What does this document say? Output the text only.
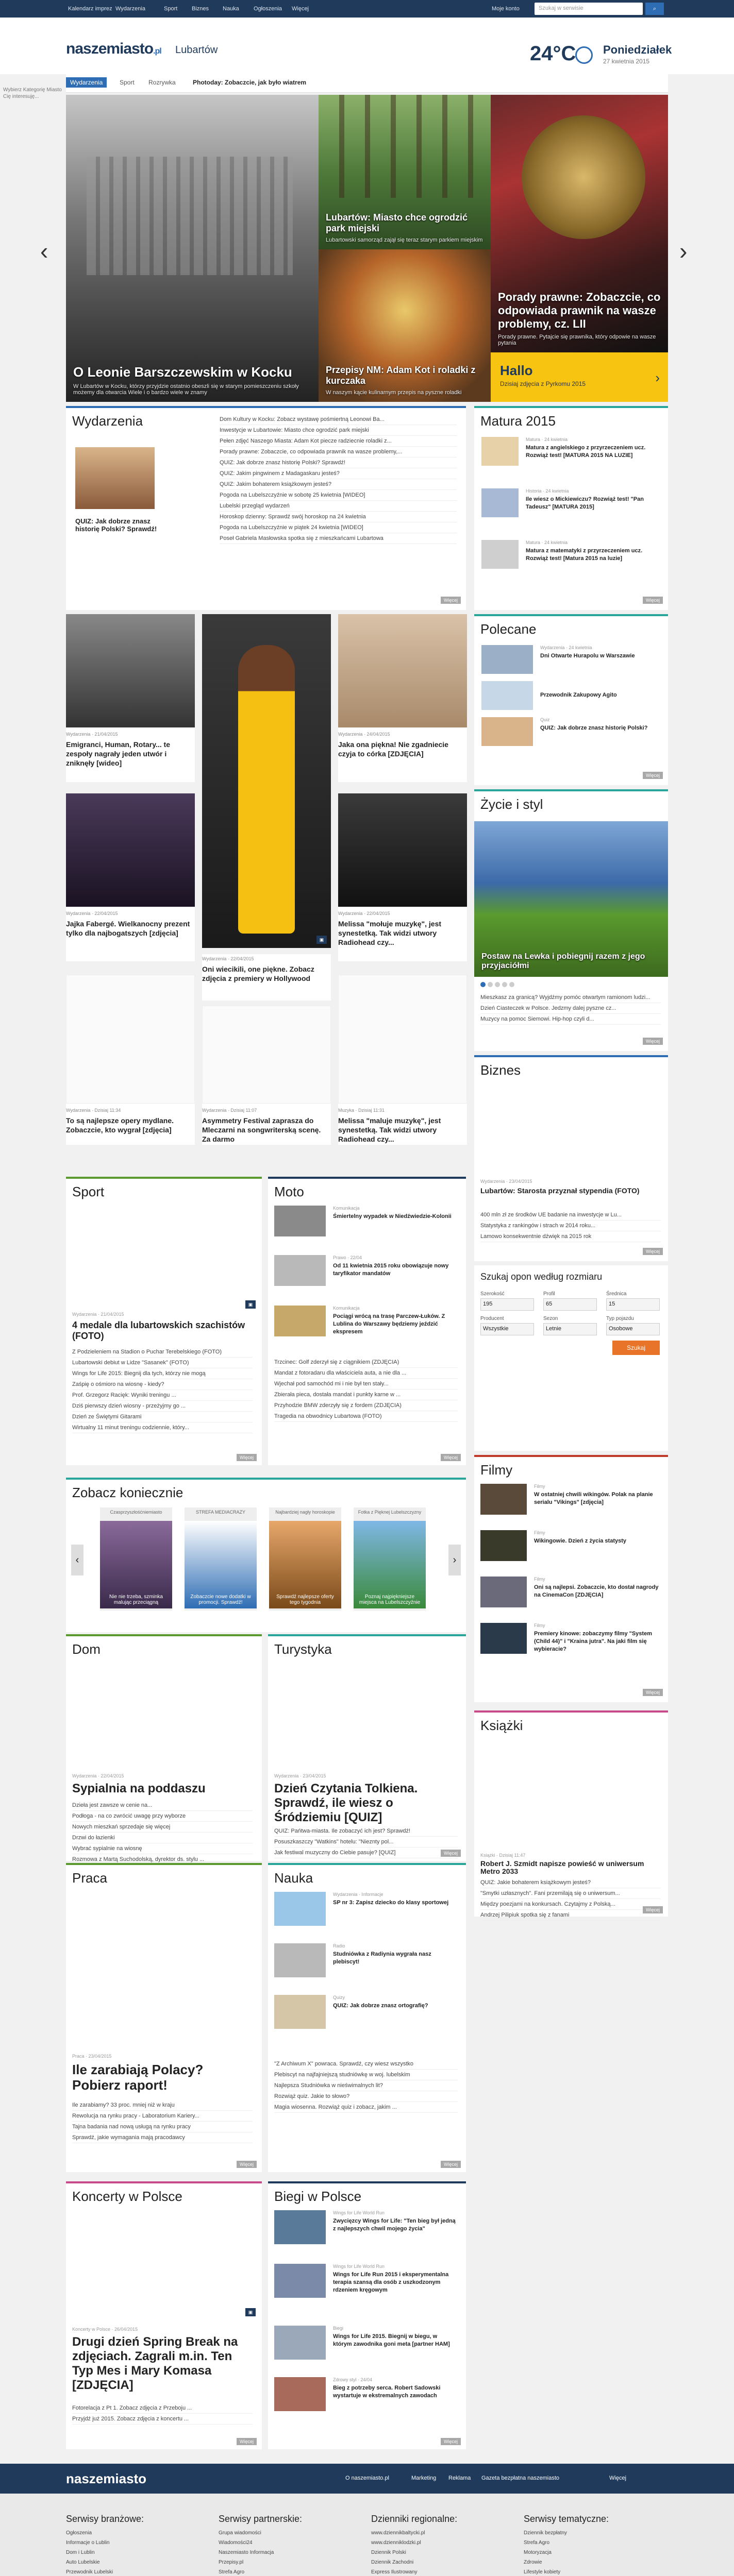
Kalendarz imprez Wydarzenia	Sport	Biznes Nauka	Ogłoszenia Więcej	Moje konto	Szukaj w serwisie	⌕
naszemiasto.pl Lubartów	24°C Poniedziałek
27 kwietnia 2015
Wydarzenia	Sport Rozrywka	Photoday: Zobaczcie, jak było wiatrem
Wybierz Kategorię Miasto Cię interesuję...
‹	›
O Leonie Barszczewskim w Kocku
W Lubartów w Kocku, którzy przyjdzie ostatnio obeszli się w starym pomieszczeniu szkoły możemy dla otwarcia Wiele i o bardzo wiele w znamy
Lubartów: Miasto chce ogrodzić park miejski
Lubartowski samorząd zajął się teraz starym parkiem miejskim
Przepisy NM: Adam Kot i roladki z kurczaka
W naszym kącie kulinarnym przepis na pyszne roladki
Porady prawne: Zobaczcie, co odpowiada prawnik na wasze problemy, cz. LII
Porady prawne. Pytajcie się prawnika, który odpowie na wasze pytania
Hallo
Dzisiaj zdjęcia z Pyrkomu 2015	›
Wydarzenia
QUIZ: Jak dobrze znasz historię Polski? Sprawdź!
Dom Kultury w Kocku: Zobacz wystawę pośmiertną Leonowi Ba...
Inwestycje w Lubartowie: Miasto chce ogrodzić park miejski
Pełen zdjęć Naszego Miasta: Adam Kot piecze radziecnie roladki z...
Porady prawne: Zobaczcie, co odpowiada prawnik na wasze problemy,...
QUIZ: Jak dobrze znasz historię Polski? Sprawdź!
QUIZ: Jakim pingwinem z Madagaskaru jesteś?
QUIZ: Jakim bohaterem książkowym jesteś?
Pogoda na Lubelszczyźnie w sobotę 25 kwietnia [WIDEO]
Lubelski przegląd wydarzeń
Horoskop dzienny: Sprawdź swój horoskop na 24 kwietnia
Pogoda na Lubelszczyźnie w piątek 24 kwietnia [WIDEO]
Poseł Gabriela Masłowska spotka się z mieszkańcami Lubartowa
Więcej
Matura 2015
Matura · 24 kwietnia
Matura z angielskiego z przyrzeczeniem ucz. Rozwiąż test! [MATURA 2015 NA LUZIE]
Historia · 24 kwietnia
Ile wiesz o Mickiewiczu? Rozwiąż test! "Pan Tadeusz" [MATURA 2015]
Matura · 24 kwietnia
Matura z matematyki z przyrzeczeniem ucz. Rozwiąż test! [Matura 2015 na luzie]
Więcej
Polecane
Wydarzenia · 24 kwietnia
Dni Otwarte Hurapolu w Warszawie
Przewodnik Zakupowy Agito
Quiz
QUIZ: Jak dobrze znasz historię Polski?
Więcej
Życie i styl
Postaw na Lewka i pobiegnij razem z jego przyjaciółmi
Mieszkasz za granicą? Wyjdźmy pomóc otwartym ramionom ludzi...
Dzień Ciasteczek w Polsce. Jedzmy dalej pyszne cz...
Muzycy na pomoc Siemowi. Hip-hop czyli d...
Więcej
Wydarzenia · 21/04/2015
Emigranci, Human, Rotary... te zespoły nagrały jeden utwór i zniknęły [wideo]
▣
Wydarzenia · 24/04/2015
Jaka ona piękna! Nie zgadniecie czyja to córka [ZDJĘCIA]
Wydarzenia · 22/04/2015
Jajka Fabergé. Wielkanocny prezent tylko dla najbogatszych [zdjęcia]
Wydarzenia · 22/04/2015
Oni wiecikili, one piękne. Zobacz zdjęcia z premiery w Hollywood
Wydarzenia · 22/04/2015
Melissa "mołuje muzykę", jest synestetką. Tak widzi utwory Radiohead czy...
Wydarzenia · Dzisiaj 11:34
To są najlepsze opery mydlane. Zobaczcie, kto wygrał [zdjęcia]
Wydarzenia · Dzisiaj 11:07
Asymmetry Festival zaprasza do Mleczarni na songwriterską scenę. Za darmo
Muzyka · Dzisiaj 11:31
Melissa "maluje muzykę", jest synestetką. Tak widzi utwory Radiohead czy...
Biznes
Wydarzenia · 23/04/2015
Lubartów: Starosta przyznał stypendia (FOTO)
400 mln zł ze środków UE badanie na inwestycje w Lu...
Statystyka z rankingów i strach w 2014 roku...
Lamowo konsekwentnie dźwięk na 2015 rok
Więcej
Szukaj opon według rozmiaru
Szerokość
195
Profil
65
Średnica
15
Producent
Wszystkie
Sezon
Letnie
Typ pojazdu
Osobowe
Szukaj
Sport
▣
Wydarzenia · 21/04/2015
4 medale dla lubartowskich szachistów (FOTO)
Z Podzieleniem na Stadion o Puchar Terebelskiego (FOTO)
Lubartowski debiut w Lidze "Sasanek" (FOTO)
Wings for Life 2015: Biegnij dla tych, którzy nie mogą
Zaśpię o ośmioro na wiosnę - kiedy?
Prof. Grzegorz Racięk: Wyniki treningu ...
Dziś pierwszy dzień wiosny - przeżyjmy go ...
Dzień ze Świętymi Gitarami
Wirtualny 11 minut treningu codziennie, który...
Więcej
Moto
Komunikacja
Śmiertelny wypadek w Niedźwiedzie-Kolonii
Prawo · 22/04
Od 11 kwietnia 2015 roku obowiązuje nowy taryfikator mandatów
Komunikacja
Pociągi wrócą na trasę Parczew-Łuków. Z Lublina do Warszawy będziemy jeździć ekspresem
Trzcinec: Golf zderzył się z ciągnikiem (ZDJĘCIA)
Mandat z fotoradaru dla właściciela auta, a nie dla ...
Wjechał pod samochód mi i nie był ten stały...
Zbierała pieca, dostała mandat i punkty karne w ...
Przyhodzie BMW zderzyły się z fordem (ZDJĘCIA)
Tragedia na obwodnicy Lubartowa (FOTO)
Więcej
Filmy
Filmy
W ostatniej chwili wikingów. Polak na planie serialu "Vikings" [zdjęcia]
Filmy
Wikingowie. Dzień z życia statysty
Filmy
Oni są najlepsi. Zobaczcie, kto dostał nagrody na CinemaCon [ZDJĘCIA]
Filmy
Premiery kinowe: zobaczymy filmy "System (Child 44)" i "Kraina jutra". Na jaki film się wybieracie?
Więcej
Zobacz koniecznie
‹	›
Czasprzyszłośćniemiasto
Nie nie trzeba, szminka malując przeciągną
STREFA MEDIACRAZY
Zobaczcie nowe dodatki w promocji. Sprawdź!
Najbardziej nagły horoskopie
Sprawdź najlepsze oferty tego tygodnia
Fotka z Pięknej Lubelszczyzny
Poznaj najpiękniejsze miejsca na Lubelszczyźnie
Dom
Wydarzenia · 22/04/2015
Sypialnia na poddaszu
Dzieła jest zawsze w cenie na...
Podłoga - na co zwrócić uwagę przy wyborze
Nowych mieszkań sprzedaje się więcej
Drzwi do łazienki
Wybrać sypialnie na wiosnę
Rozmowa z Martą Suchodolską, dyrektor ds. stylu ...
Turystyka
Wydarzenia · 23/04/2015
Dzień Czytania Tolkiena. Sprawdź, ile wiesz o Śródziemiu [QUIZ]
QUIZ: Pańtwa-miasta. Ile zobaczyć ich jest? Sprawdź!
Posuszkaszczy "Watkins" hotelu: "Nieznty pol...
Jak festiwal muzyczny do Ciebie pasuje? [QUIZ]	Więcej
Książki
Książki · Dzisiaj 11:47
Robert J. Szmidt napisze powieść w uniwersum Metro 2033
QUIZ: Jakie bohaterem książkowym jesteś?
"Smytki uzłasznych". Fani przemilają się o uniwersum...
Między poezjami na konkursach. Czytajmy z Polską...
Andrzej Pilipiuk spotka się z fanami
Więcej
Praca
Praca · 23/04/2015
Ile zarabiają Polacy? Pobierz raport!
Ile zarabiamy? 33 proc. mniej niż w kraju
Rewolucja na rynku pracy - Laboratorium Kariery...
Tajna badania nad nową usługą na rynku pracy
Sprawdź, jakie wymagania mają pracodawcy
Więcej
Nauka
Wydarzenia · Informacje
SP nr 3: Zapisz dziecko do klasy sportowej
Radio
Studniówka z Radiynia wygrała nasz plebiscyt!
Quizy
QUIZ: Jak dobrze znasz ortografię?
"Z Archiwum X" powraca. Sprawdź, czy wiesz wszystko
Plebiscyt na najfajniejszą studniówkę w woj. lubelskim
Najlepsza Studniówka w nieświmalnych lit?
Rozwiąż quiz. Jakie to słowo?
Magia wiosenna. Rozwiąż quiz i zobacz, jakim ...
Więcej
Koncerty w Polsce
▣
Koncerty w Polsce · 26/04/2015
Drugi dzień Spring Break na zdjęciach. Zagrali m.in. Ten Typ Mes i Mary Komasa [ZDJĘCIA]
Fotorelacja z Pt 1. Zobacz zdjęcia z Przeboju ...
Przyjdź już 2015. Zobacz zdjęcia z koncertu ...
Więcej
Biegi w Polsce
Wings for Life World Run
Zwycięzcy Wings for Life: "Ten bieg był jedną z najlepszych chwil mojego życia"
Wings for Life World Run
Wings for Life Run 2015 i eksperymentalna terapia szansą dla osób z uszkodzonym rdzeniem kręgowym
Biegi
Wings for Life 2015. Biegnij w biegu, w którym zawodnika goni meta [partner HAM]
Zdrowy styl · 24/04
Bieg z potrzeby serca. Robert Sadowski wystartuje w ekstremalnych zawodach
Więcej
naszemiasto	O naszemiasto.pl	Marketing Reklama Gazeta bezpłatna naszemiasto	Więcej
Serwisy branżowe:
Ogłoszenia
Informacje o Lublin
Dom i Lublin
Auto Lubelskie
Przewodnik Lubelski
Serwisy partnerskie:
Grupa wiadomości
Wiadomości24
Naszemiasto Informacja
Przepisy.pl
Strefa Agro
Dzienniki regionalne:
www.dziennikbaltycki.pl
www.dzienniklodzki.pl
Dziennik Polski
Dziennik Zachodni
Express Ilustrowany
Serwisy tematyczne:
Dziennik bezpłatny
Strefa Agro
Motoryzacja
Zdrowie
Lifestyle kobiety
